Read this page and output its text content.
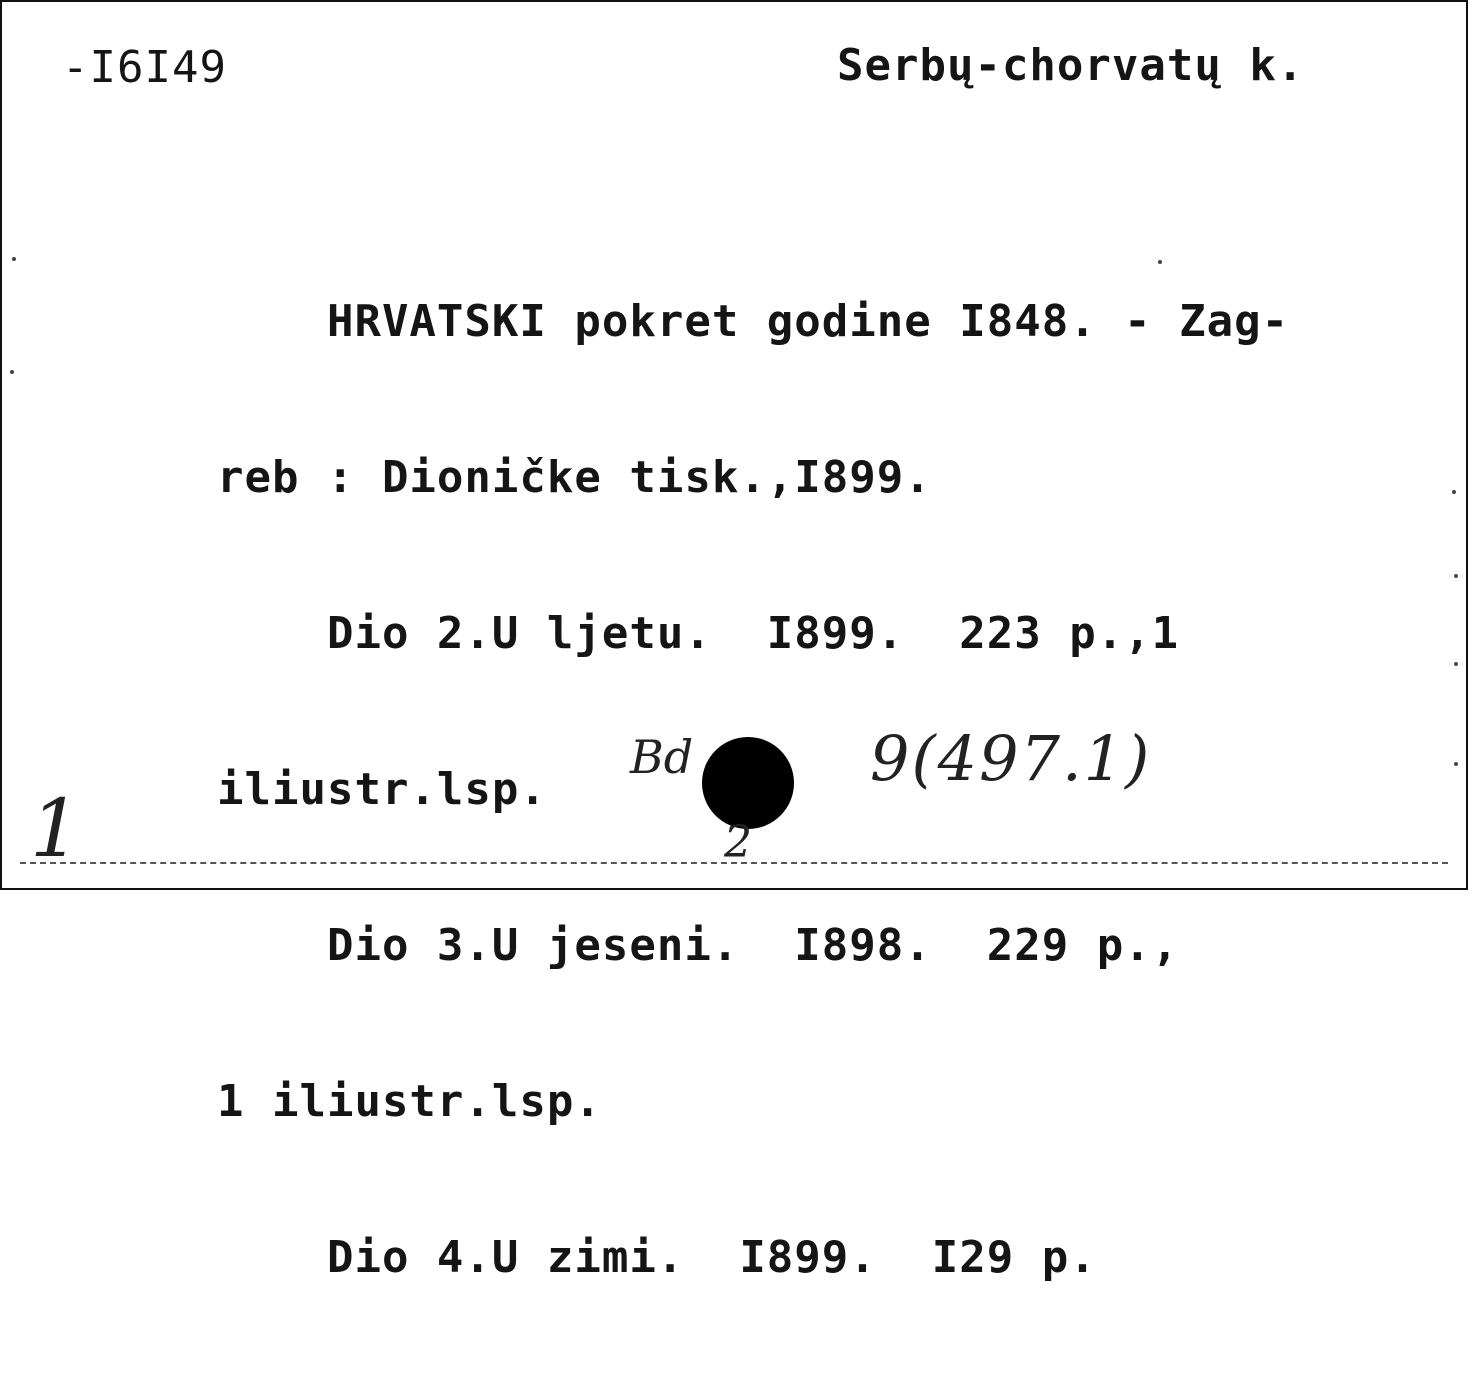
-I6I49	Serbų-chorvatų k.

HRVATSKI pokret godine I848. - Zag-

reb : Dioničke tisk.,I899.

Dio 2.U ljetu.  I899.  223 p.,1

iliustr.lsp.

Dio 3.U jeseni.  I898.  229 p.,

1 iliustr.lsp.

Dio 4.U zimi.  I899.  I29 p.

1
Bd
2
9(497.1)
